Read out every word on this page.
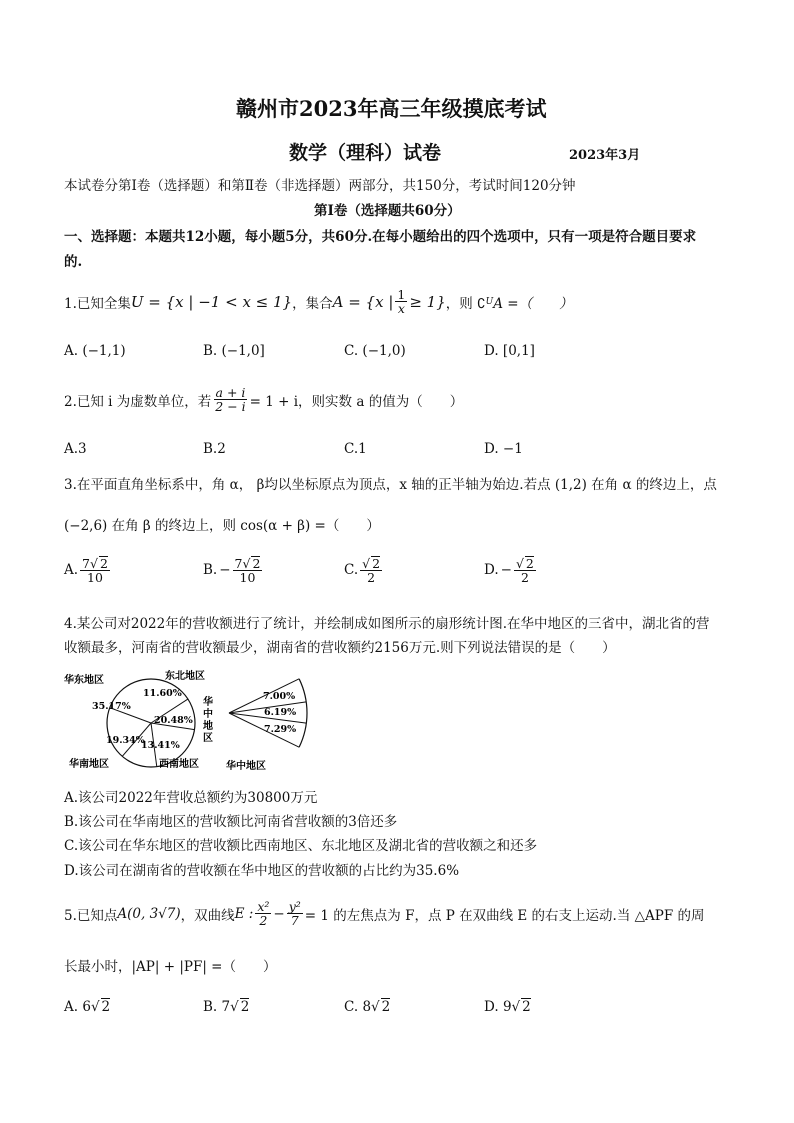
赣州市2023年高三年级摸底考试
数学（理科）试卷	2023年3月
本试卷分第Ⅰ卷（选择题）和第Ⅱ卷（非选择题）两部分，共150分，考试时间120分钟
第Ⅰ卷（选择题共60分）
一、选择题：本题共12小题，每小题5分，共60分.在每小题给出的四个选项中，只有一项是符合题目要求
的.
1.已知全集 U = {x | −1 < x ≤ 1} ，集合 A = {x | $\frac{1}{x} \ge 1$} ，则 ∁ U A =（　　）
A. (−1,1)	B. (−1,0]	C. (−1,0)	D. [0,1]
2.已知 i 为虚数单位，若 $\frac{a + i}{2 - i} = 1 + i$，则实数 a 的值为（　　）
A.3	B.2	C.1	D. −1
3.在平面直角坐标系中，角 α， β均以坐标原点为顶点，x 轴的正半轴为始边.若点 (1,2) 在角 α 的终边上，点
(−2,6) 在角 β 的终边上，则 cos(α + β) =（　　）
A. $\frac{7√ 2}{10}$	B. − $\frac{7√ 2}{10}$	C. $\frac{√ 2}{2}$	D. − $\frac{√ 2}{2}$
4.某公司对2022年的营收额进行了统计，并绘制成如图所示的扇形统计图.在华中地区的三省中，湖北省的营
收额最多，河南省的营收额最少，湖南省的营收额约2156万元.则下列说法错误的是（　　）
华东地区	东北地区
华南地区	西南地区	华中地区
35.17%
11.60%
20.48%
13.41%
19.34%
7.00%
6.19%
7.29%
华中地区
A.该公司2022年营收总额约为30800万元
B.该公司在华南地区的营收额比河南省营收额的3倍还多
C.该公司在华东地区的营收额比西南地区、东北地区及湖北省的营收额之和还多
D.该公司在湖南省的营收额在华中地区的营收额的占比约为35.6%
5.已知点 A(0, 3√7) ，双曲线 E : $\frac{\text{x²}}{2} - \frac{\text{y²}}{7} = 1$ 的左焦点为 F，点 P 在双曲线 E 的右支上运动.当 △APF 的周
长最小时，|AP| + |PF| =（　　）
A. 6√ 2	B. 7√ 2	C. 8√ 2	D. 9√ 2
